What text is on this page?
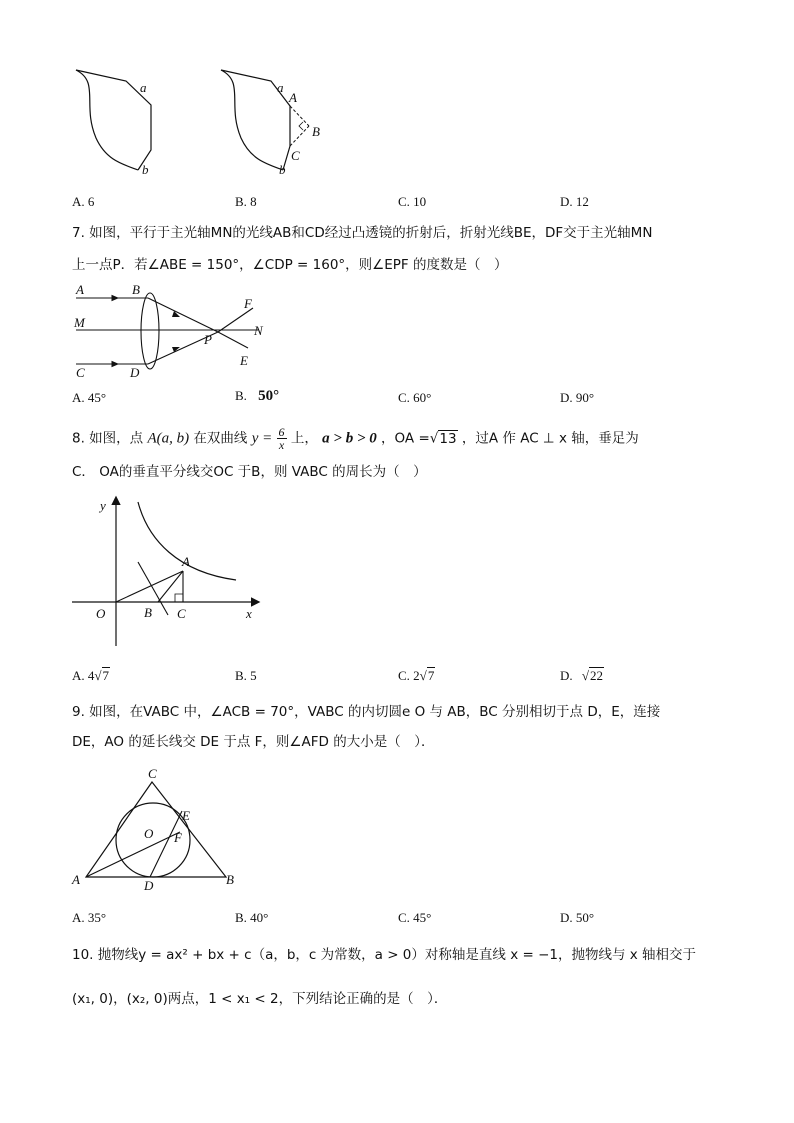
a
b
a
A
B
C
b
A. 6	B. 8	C. 10	D. 12
7. 如图，平行于主光轴MN的光线AB和CD经过凸透镜的折射后，折射光线BE，DF交于主光轴MN
上一点P．若∠ABE = 150°，∠CDP = 160°，则∠EPF 的度数是（　）
A	B
F
M
N
P
E
C	D
A. 45°	B. 50°	C. 60°	D. 90°
8. 如图，点 A(a, b) 在双曲线 $y = \frac{6}{x}$ 上， a > b > 0 ，OA =√13 ，过A 作 AC ⊥ x 轴，垂足为
C． OA的垂直平分线交OC 于B，则 VABC 的周长为（　）
y
A
O	B C	x
A. 4√7	B. 5	C. 2√7	D. √22
9. 如图，在VABC 中，∠ACB = 70°，VABC 的内切圆e O 与 AB，BC 分别相切于点 D，E，连接
DE，AO 的延长线交 DE 于点 F，则∠AFD 的大小是（　）．
C
E
O F
A	D	B
A. 35°	B. 40°	C. 45°	D. 50°
10. 抛物线y = ax² + bx + c（a，b，c 为常数，a > 0）对称轴是直线 x = −1，抛物线与 x 轴相交于
(x₁, 0)，(x₂, 0)两点，1 < x₁ < 2，下列结论正确的是（　）．
